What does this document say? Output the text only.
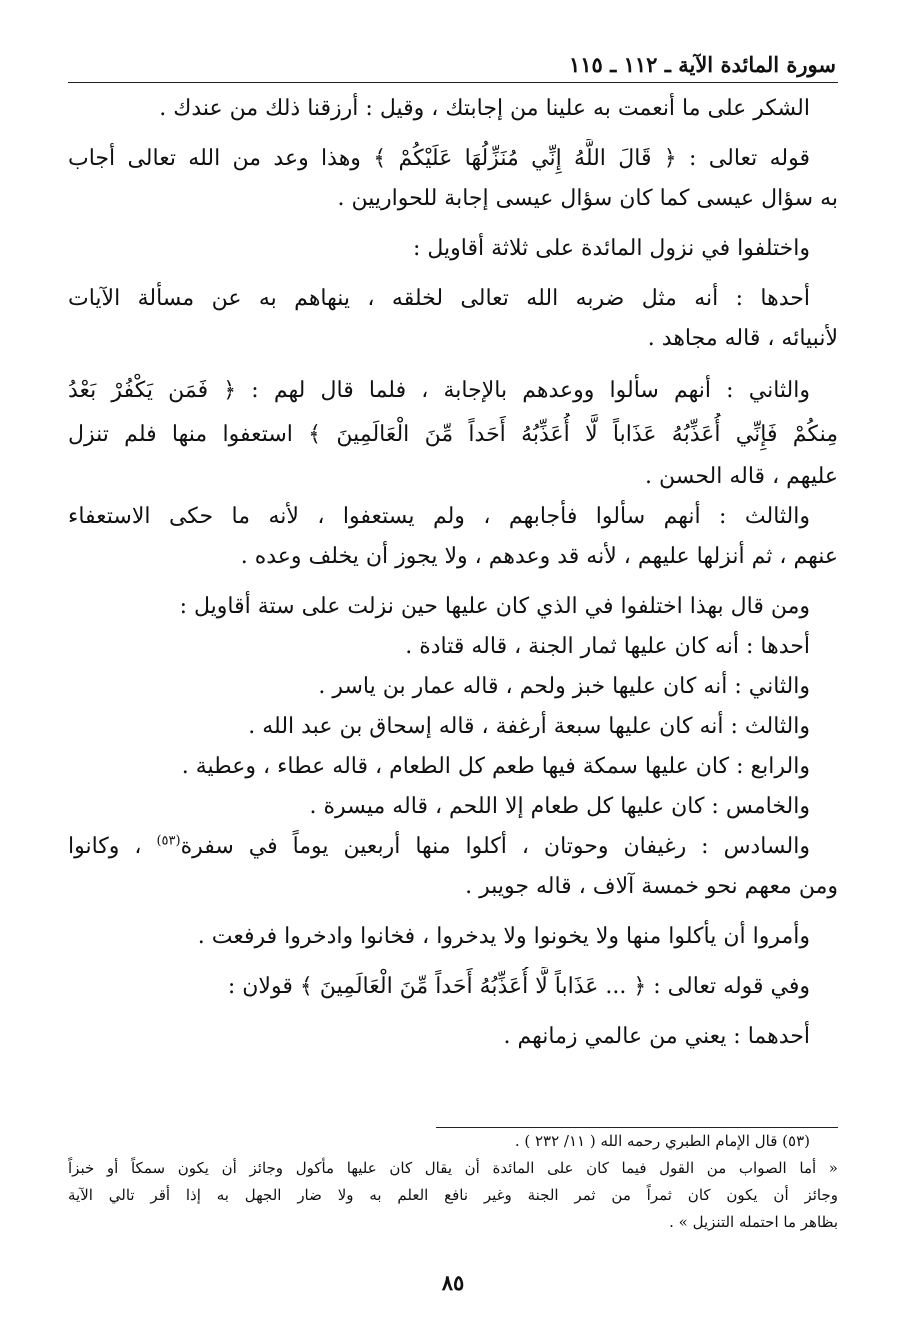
سورة المائدة الآية ـ ١١٢ ـ ١١٥
الشكر على ما أنعمت به علينا من إجابتك ، وقيل : أرزقنا ذلك من عندك .
قوله تعالى : ﴿ قَالَ اللَّهُ إِنِّي مُنَزِّلُهَا عَلَيْكُمْ ﴾ وهذا وعد من الله تعالى أجاب
به سؤال عيسى كما كان سؤال عيسى إجابة للحواريين .
واختلفوا في نزول المائدة على ثلاثة أقاويل :
أحدها : أنه مثل ضربه الله تعالى لخلقه ، ينهاهم به عن مسألة الآيات
لأنبيائه ، قاله مجاهد .
والثاني : أنهم سألوا ووعدهم بالإجابة ، فلما قال لهم : ﴿ فَمَن يَكْفُرْ بَعْدُ
مِنكُمْ فَإِنِّي أُعَذِّبُهُ عَذَاباً لَّا أُعَذِّبُهُ أَحَداً مِّنَ الْعَالَمِينَ ﴾ استعفوا منها فلم تنزل
عليهم ، قاله الحسن .
والثالث : أنهم سألوا فأجابهم ، ولم يستعفوا ، لأنه ما حكى الاستعفاء
عنهم ، ثم أنزلها عليهم ، لأنه قد وعدهم ، ولا يجوز أن يخلف وعده .
ومن قال بهذا اختلفوا في الذي كان عليها حين نزلت على ستة أقاويل :
أحدها : أنه كان عليها ثمار الجنة ، قاله قتادة .
والثاني : أنه كان عليها خبز ولحم ، قاله عمار بن ياسر .
والثالث : أنه كان عليها سبعة أرغفة ، قاله إسحاق بن عبد الله .
والرابع : كان عليها سمكة فيها طعم كل الطعام ، قاله عطاء ، وعطية .
والخامس : كان عليها كل طعام إلا اللحم ، قاله ميسرة .
والسادس : رغيفان وحوتان ، أكلوا منها أربعين يوماً في سفرة$^{(٥٣)}$ ، وكانوا
ومن معهم نحو خمسة آلاف ، قاله جويبر .
وأمروا أن يأكلوا منها ولا يخونوا ولا يدخروا ، فخانوا وادخروا فرفعت .
وفي قوله تعالى : ﴿ ... عَذَاباً لَّا أُعَذِّبُهُ أَحَداً مِّنَ الْعَالَمِينَ ﴾ قولان :
أحدهما : يعني من عالمي زمانهم .
(٥٣) قال الإمام الطبري رحمه الله ( ١١/ ٢٣٢ ) .
« أما الصواب من القول فيما كان على المائدة أن يقال كان عليها مأكول وجائز أن يكون سمكاً أو خبزاً
وجائز أن يكون كان ثمراً من ثمر الجنة وغير نافع العلم به ولا ضار الجهل به إذا أقر تالي الآية
بظاهر ما احتمله التنزيل » .
٨٥
